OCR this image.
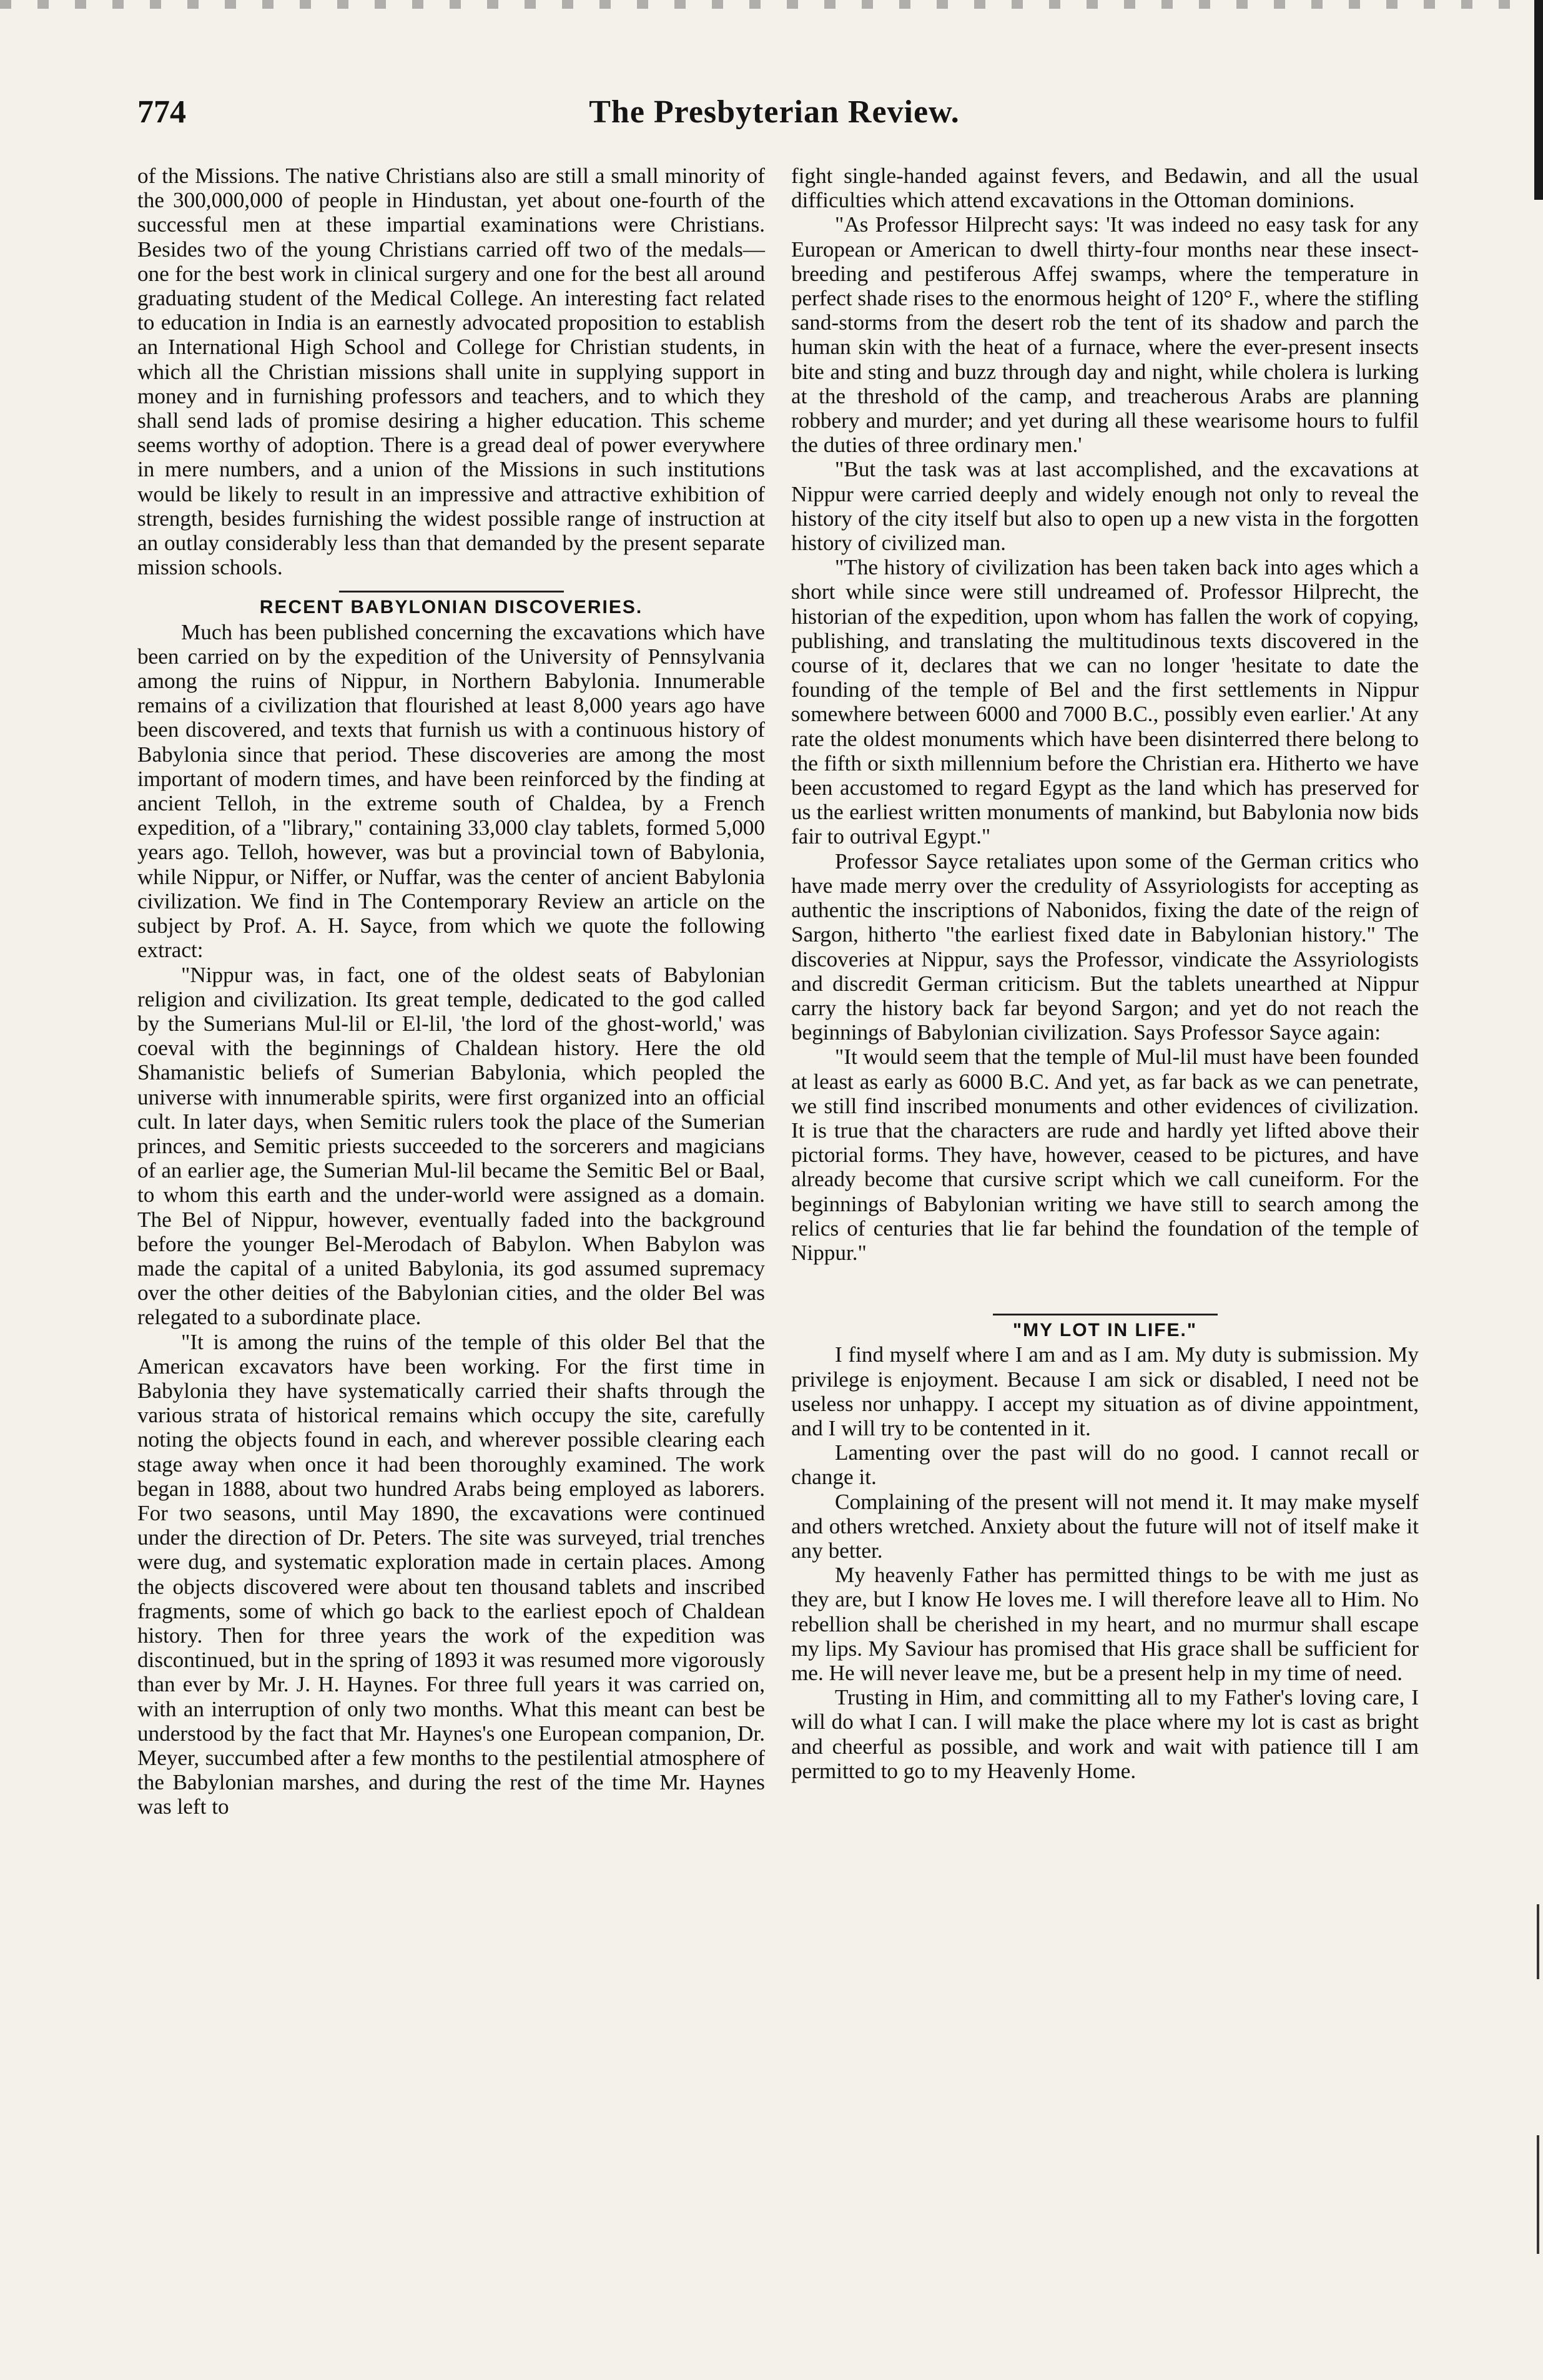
The Presbyterian Review.
774

of the Missions. The native Christians also are still a small minority of the 300,000,000 of people in Hindustan, yet about one-fourth of the successful men at these impartial examinations were Christians. Besides two of the young Christians carried off two of the medals— one for the best work in clinical surgery and one for the best all around graduating student of the Medical College. An interesting fact related to education in India is an earnestly advocated proposition to establish an International High School and College for Christian students, in which all the Christian missions shall unite in supplying support in money and in furnishing professors and teachers, and to which they shall send lads of promise desiring a higher education. This scheme seems worthy of adoption. There is a gread deal of power everywhere in mere numbers, and a union of the Missions in such institutions would be likely to result in an impressive and attractive exhibition of strength, besides furnishing the widest possible range of instruction at an outlay considerably less than that demanded by the present separate mission schools.

RECENT BABYLONIAN DISCOVERIES.

Much has been published concerning the excavations which have been carried on by the expedition of the University of Pennsylvania among the ruins of Nippur, in Northern Babylonia. Innumerable remains of a civilization that flourished at least 8,000 years ago have been discovered, and texts that furnish us with a continuous history of Babylonia since that period. These discoveries are among the most important of modern times, and have been reinforced by the finding at ancient Telloh, in the extreme south of Chaldea, by a French expedition, of a "library," containing 33,000 clay tablets, formed 5,000 years ago. Telloh, however, was but a provincial town of Babylonia, while Nippur, or Niffer, or Nuffar, was the center of ancient Babylonia civilization. We find in The Contemporary Review an article on the subject by Prof. A. H. Sayce, from which we quote the following extract:

"Nippur was, in fact, one of the oldest seats of Babylonian religion and civilization. Its great temple, dedicated to the god called by the Sumerians Mul-lil or El-lil, 'the lord of the ghost-world,' was coeval with the beginnings of Chaldean history. Here the old Shamanistic beliefs of Sumerian Babylonia, which peopled the universe with innumerable spirits, were first organized into an official cult. In later days, when Semitic rulers took the place of the Sumerian princes, and Semitic priests succeeded to the sorcerers and magicians of an earlier age, the Sumerian Mul-lil became the Semitic Bel or Baal, to whom this earth and the under-world were assigned as a domain. The Bel of Nippur, however, eventually faded into the background before the younger Bel-Merodach of Babylon. When Babylon was made the capital of a united Babylonia, its god assumed supremacy over the other deities of the Babylonian cities, and the older Bel was relegated to a subordinate place.

"It is among the ruins of the temple of this older Bel that the American excavators have been working. For the first time in Babylonia they have systematically carried their shafts through the various strata of historical remains which occupy the site, carefully noting the objects found in each, and wherever possible clearing each stage away when once it had been thoroughly examined. The work began in 1888, about two hundred Arabs being employed as laborers. For two seasons, until May 1890, the excavations were continued under the direction of Dr. Peters. The site was surveyed, trial trenches were dug, and systematic exploration made in certain places. Among the objects discovered were about ten thousand tablets and inscribed fragments, some of which go back to the earliest epoch of Chaldean history. Then for three years the work of the expedition was discontinued, but in the spring of 1893 it was resumed more vigorously than ever by Mr. J. H. Haynes. For three full years it was carried on, with an interruption of only two months. What this meant can best be understood by the fact that Mr. Haynes's one European companion, Dr. Meyer, succumbed after a few months to the pestilential atmosphere of the Babylonian marshes, and during the rest of the time Mr. Haynes was left to

fight single-handed against fevers, and Bedawin, and all the usual difficulties which attend excavations in the Ottoman dominions.

"As Professor Hilprecht says: 'It was indeed no easy task for any European or American to dwell thirty-four months near these insect-breeding and pestiferous Affej swamps, where the temperature in perfect shade rises to the enormous height of 120° F., where the stifling sand-storms from the desert rob the tent of its shadow and parch the human skin with the heat of a furnace, where the ever-present insects bite and sting and buzz through day and night, while cholera is lurking at the threshold of the camp, and treacherous Arabs are planning robbery and murder; and yet during all these wearisome hours to fulfil the duties of three ordinary men.'

"But the task was at last accomplished, and the excavations at Nippur were carried deeply and widely enough not only to reveal the history of the city itself but also to open up a new vista in the forgotten history of civilized man.

"The history of civilization has been taken back into ages which a short while since were still undreamed of. Professor Hilprecht, the historian of the expedition, upon whom has fallen the work of copying, publishing, and translating the multitudinous texts discovered in the course of it, declares that we can no longer 'hesitate to date the founding of the temple of Bel and the first settlements in Nippur somewhere between 6000 and 7000 B.C., possibly even earlier.' At any rate the oldest monuments which have been disinterred there belong to the fifth or sixth millennium before the Christian era. Hitherto we have been accustomed to regard Egypt as the land which has preserved for us the earliest written monuments of mankind, but Babylonia now bids fair to outrival Egypt."

Professor Sayce retaliates upon some of the German critics who have made merry over the credulity of Assyriologists for accepting as authentic the inscriptions of Nabonidos, fixing the date of the reign of Sargon, hitherto "the earliest fixed date in Babylonian history." The discoveries at Nippur, says the Professor, vindicate the Assyriologists and discredit German criticism. But the tablets unearthed at Nippur carry the history back far beyond Sargon; and yet do not reach the beginnings of Babylonian civilization. Says Professor Sayce again:

"It would seem that the temple of Mul-lil must have been founded at least as early as 6000 B.C. And yet, as far back as we can penetrate, we still find inscribed monuments and other evidences of civilization. It is true that the characters are rude and hardly yet lifted above their pictorial forms. They have, however, ceased to be pictures, and have already become that cursive script which we call cuneiform. For the beginnings of Babylonian writing we have still to search among the relics of centuries that lie far behind the foundation of the temple of Nippur."

"MY LOT IN LIFE."

I find myself where I am and as I am. My duty is submission. My privilege is enjoyment. Because I am sick or disabled, I need not be useless nor unhappy. I accept my situation as of divine appointment, and I will try to be contented in it.

Lamenting over the past will do no good. I cannot recall or change it.

Complaining of the present will not mend it. It may make myself and others wretched. Anxiety about the future will not of itself make it any better.

My heavenly Father has permitted things to be with me just as they are, but I know He loves me. I will therefore leave all to Him. No rebellion shall be cherished in my heart, and no murmur shall escape my lips. My Saviour has promised that His grace shall be sufficient for me. He will never leave me, but be a present help in my time of need.

Trusting in Him, and committing all to my Father's loving care, I will do what I can. I will make the place where my lot is cast as bright and cheerful as possible, and work and wait with patience till I am permitted to go to my Heavenly Home.
